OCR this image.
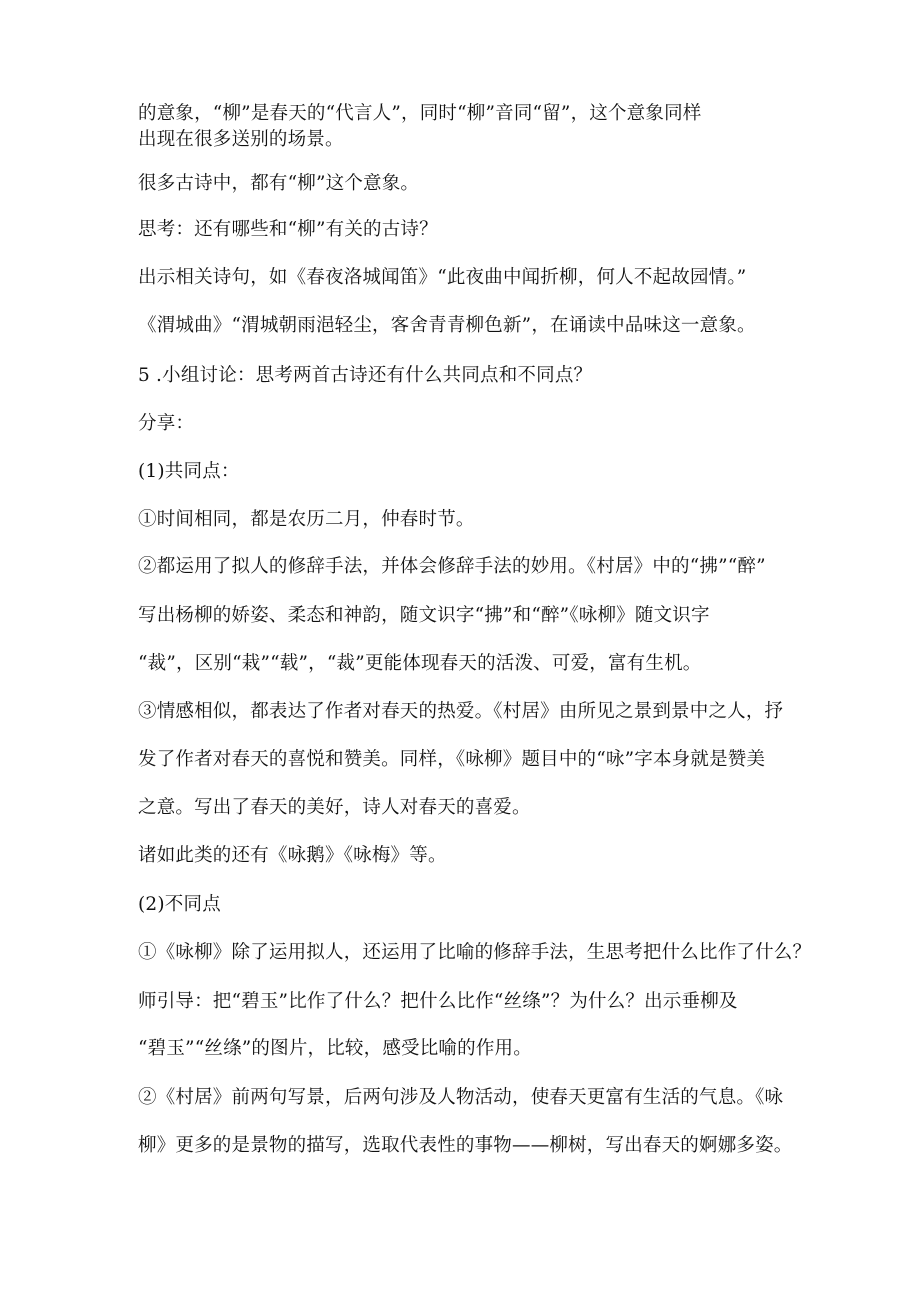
的意象，“柳”是春天的“代言人”，同时“柳”音同“留”，这个意象同样
出现在很多送别的场景。
很多古诗中，都有“柳”这个意象。
思考：还有哪些和“柳”有关的古诗？
出示相关诗句，如《春夜洛城闻笛》“此夜曲中闻折柳，何人不起故园情。”
《渭城曲》“渭城朝雨浥轻尘，客舍青青柳色新”，在诵读中品味这一意象。
5 .小组讨论：思考两首古诗还有什么共同点和不同点？
分享：
(1)共同点：
①时间相同，都是农历二月，仲春时节。
②都运用了拟人的修辞手法，并体会修辞手法的妙用。《村居》中的“拂”“醉”
写出杨柳的娇姿、柔态和神韵，随文识字“拂”和“醉”《咏柳》随文识字
“裁”，区别“栽”“载”，“裁”更能体现春天的活泼、可爱，富有生机。
③情感相似，都表达了作者对春天的热爱。《村居》由所见之景到景中之人，抒
发了作者对春天的喜悦和赞美。同样，《咏柳》题目中的“咏”字本身就是赞美
之意。写出了春天的美好，诗人对春天的喜爱。
诸如此类的还有《咏鹅》《咏梅》等。
(2)不同点
①《咏柳》除了运用拟人，还运用了比喻的修辞手法，生思考把什么比作了什么？
师引导：把“碧玉”比作了什么？把什么比作“丝绦”？为什么？出示垂柳及
“碧玉”“丝绦”的图片，比较，感受比喻的作用。
②《村居》前两句写景，后两句涉及人物活动，使春天更富有生活的气息。《咏
柳》更多的是景物的描写，选取代表性的事物——柳树，写出春天的婀娜多姿。
